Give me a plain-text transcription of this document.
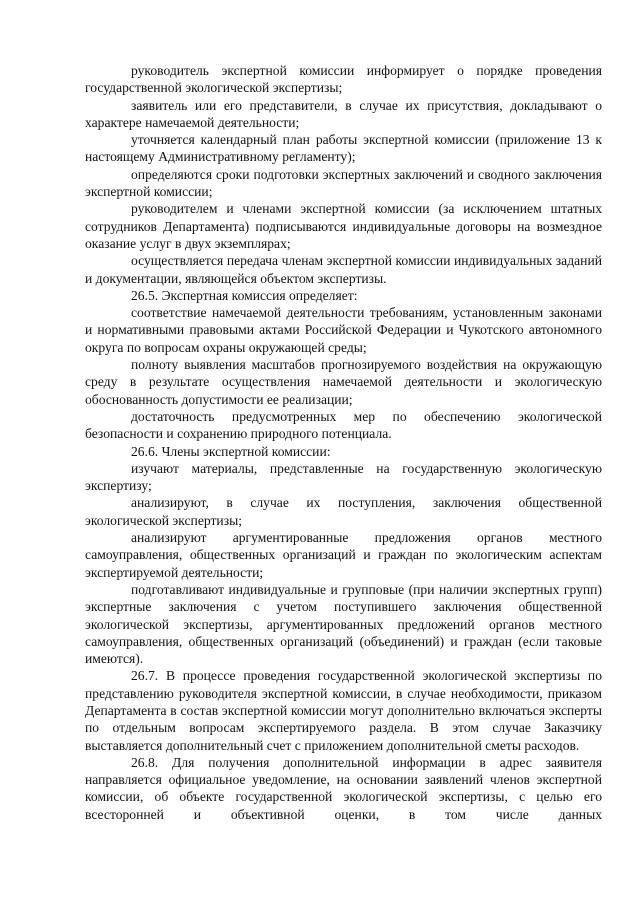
руководитель экспертной комиссии информирует о порядке проведения государственной экологической экспертизы;

заявитель или его представители, в случае их присутствия, докладывают о характере намечаемой деятельности;

уточняется календарный план работы экспертной комиссии (приложение 13 к настоящему Административному регламенту);

определяются сроки подготовки экспертных заключений и сводного заключения экспертной комиссии;

руководителем и членами экспертной комиссии (за исключением штатных сотрудников Департамента) подписываются индивидуальные договоры на возмездное оказание услуг в двух экземплярах;

осуществляется передача членам экспертной комиссии индивидуальных заданий и документации, являющейся объектом экспертизы.

26.5. Экспертная комиссия определяет:

соответствие намечаемой деятельности требованиям, установленным законами и нормативными правовыми актами Российской Федерации и Чукотского автономного округа по вопросам охраны окружающей среды;

полноту выявления масштабов прогнозируемого воздействия на окружающую среду в результате осуществления намечаемой деятельности и экологическую обоснованность допустимости ее реализации;

достаточность предусмотренных мер по обеспечению экологической безопасности и сохранению природного потенциала.

26.6. Члены экспертной комиссии:

изучают материалы, представленные на государственную экологическую экспертизу;

анализируют, в случае их поступления, заключения общественной экологической экспертизы;

анализируют аргументированные предложения органов местного самоуправления, общественных организаций и граждан по экологическим аспектам экспертируемой деятельности;

подготавливают индивидуальные и групповые (при наличии экспертных групп) экспертные заключения с учетом поступившего заключения общественной экологической экспертизы, аргументированных предложений органов местного самоуправления, общественных организаций (объединений) и граждан (если таковые имеются).

26.7. В процессе проведения государственной экологической экспертизы по представлению руководителя экспертной комиссии, в случае необходимости, приказом Департамента в состав экспертной комиссии могут дополнительно включаться эксперты по отдельным вопросам экспертируемого раздела. В этом случае Заказчику выставляется дополнительный счет с приложением дополнительной сметы расходов.

26.8. Для получения дополнительной информации в адрес заявителя направляется официальное уведомление, на основании заявлений членов экспертной комиссии, об объекте государственной экологической экспертизы, с целью его всесторонней и объективной оценки, в том числе данных
